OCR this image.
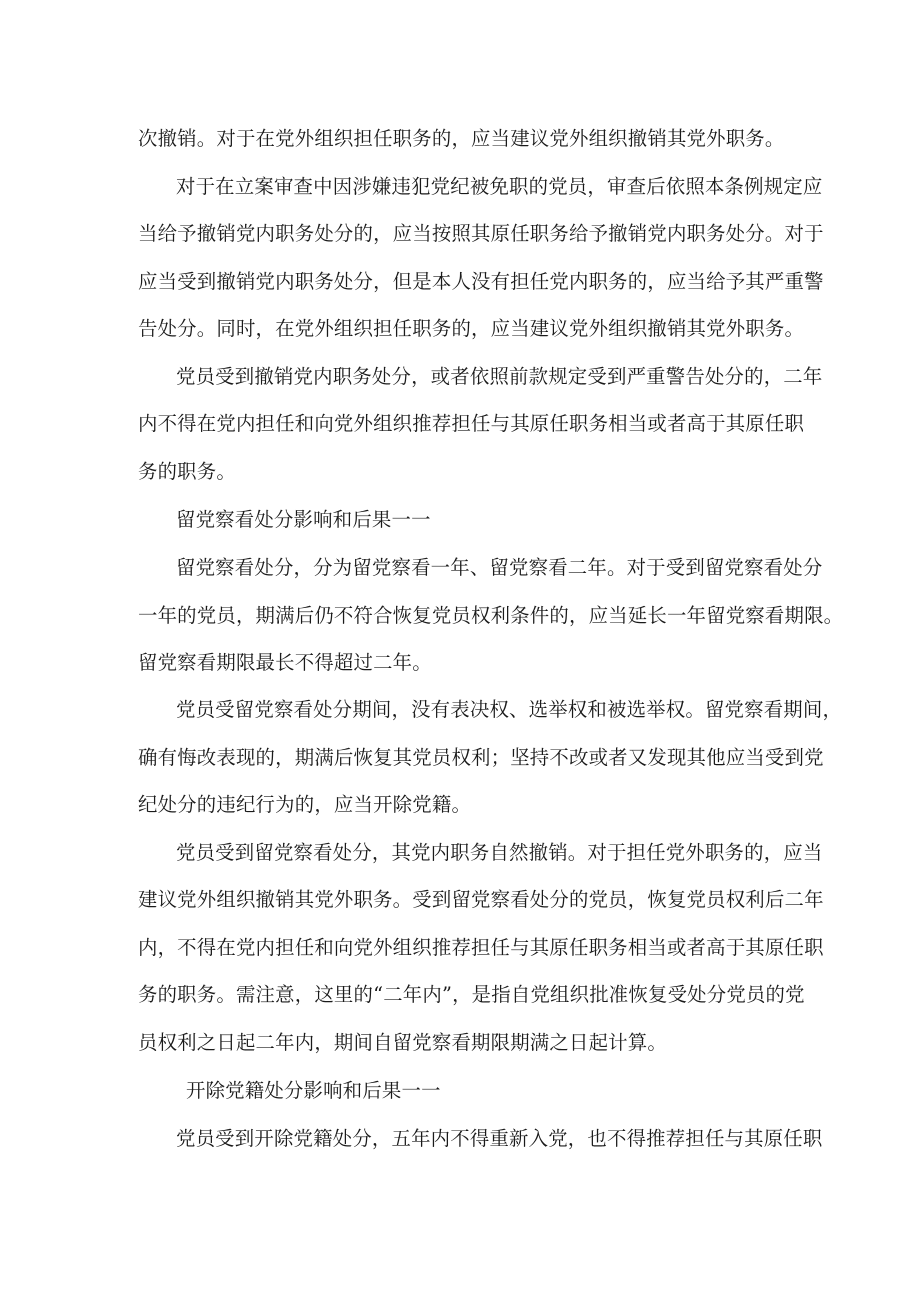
次撤销。对于在党外组织担任职务的，应当建议党外组织撤销其党外职务。
对于在立案审查中因涉嫌违犯党纪被免职的党员，审查后依照本条例规定应
当给予撤销党内职务处分的，应当按照其原任职务给予撤销党内职务处分。对于
应当受到撤销党内职务处分，但是本人没有担任党内职务的，应当给予其严重警
告处分。同时，在党外组织担任职务的，应当建议党外组织撤销其党外职务。
党员受到撤销党内职务处分，或者依照前款规定受到严重警告处分的，二年
内不得在党内担任和向党外组织推荐担任与其原任职务相当或者高于其原任职
务的职务。
留党察看处分影响和后果一一
留党察看处分，分为留党察看一年、留党察看二年。对于受到留党察看处分
一年的党员，期满后仍不符合恢复党员权利条件的，应当延长一年留党察看期限。
留党察看期限最长不得超过二年。
党员受留党察看处分期间，没有表决权、选举权和被选举权。留党察看期间，
确有悔改表现的，期满后恢复其党员权利；坚持不改或者又发现其他应当受到党
纪处分的违纪行为的，应当开除党籍。
党员受到留党察看处分，其党内职务自然撤销。对于担任党外职务的，应当
建议党外组织撤销其党外职务。受到留党察看处分的党员，恢复党员权利后二年
内，不得在党内担任和向党外组织推荐担任与其原任职务相当或者高于其原任职
务的职务。需注意，这里的“二年内”，是指自党组织批准恢复受处分党员的党
员权利之日起二年内，期间自留党察看期限期满之日起计算。
开除党籍处分影响和后果一一
党员受到开除党籍处分，五年内不得重新入党，也不得推荐担任与其原任职
